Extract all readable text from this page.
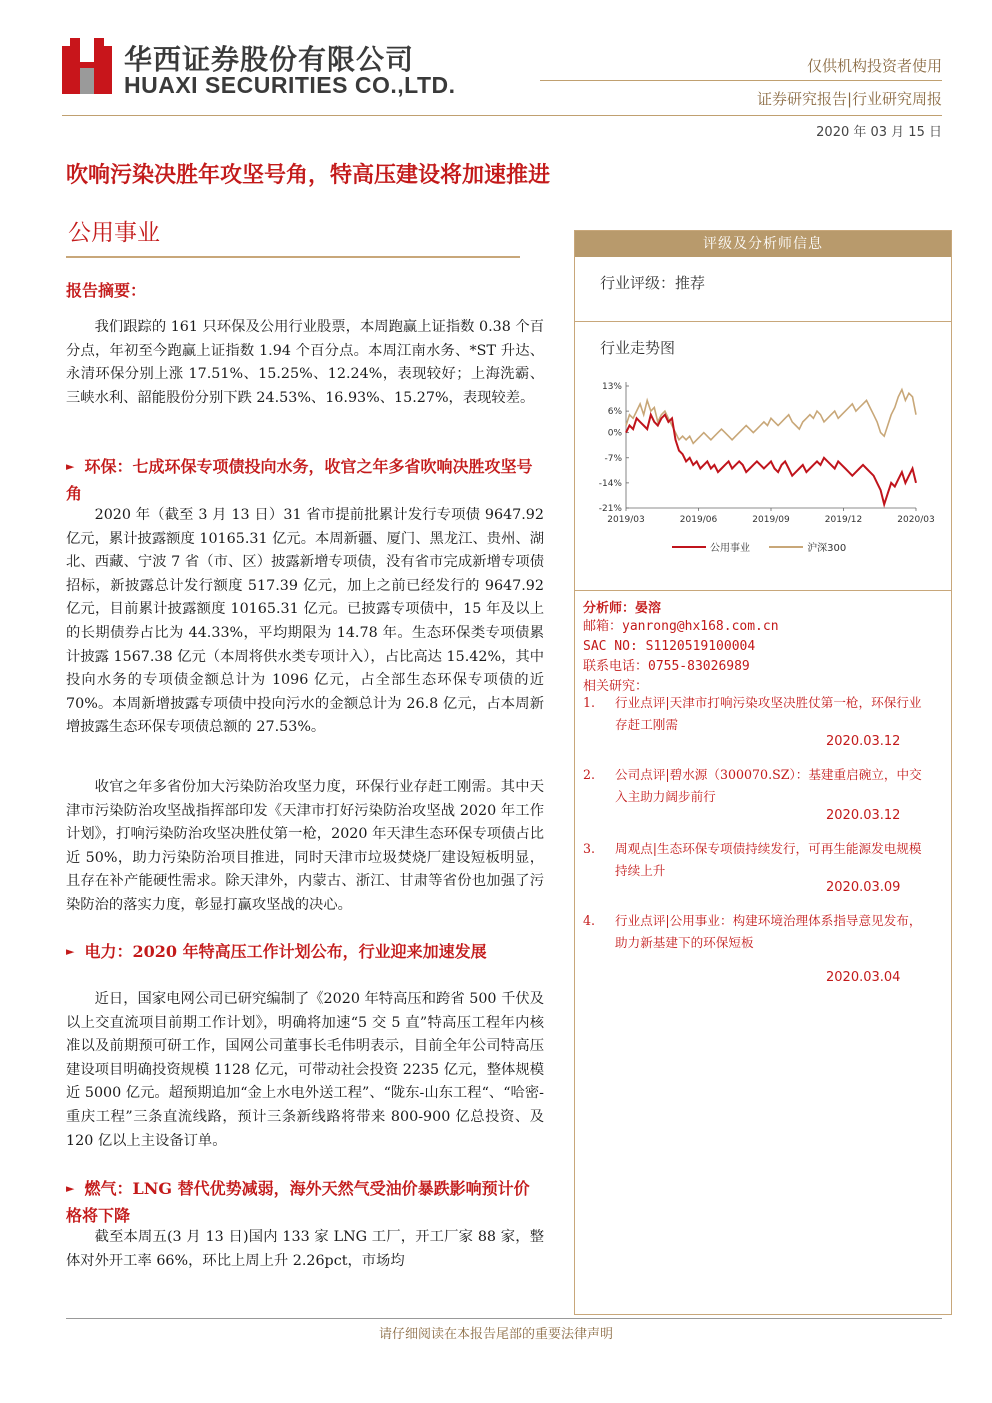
华西证券股份有限公司
HUAXI SECURITIES CO.,LTD.
仅供机构投资者使用
证券研究报告|行业研究周报
2020 年 03 月 15 日
吹响污染决胜年攻坚号角，特高压建设将加速推进
公用事业
报告摘要：
我们跟踪的 161 只环保及公用行业股票，本周跑赢上证指数 0.38 个百分点，年初至今跑赢上证指数 1.94 个百分点。本周江南水务、*ST 升达、永清环保分别上涨 17.51%、15.25%、12.24%，表现较好；上海洗霸、三峡水利、韶能股份分别下跌 24.53%、16.93%、15.27%，表现较差。
► 环保：七成环保专项债投向水务，收官之年多省吹响决胜攻坚号角
2020 年（截至 3 月 13 日）31 省市提前批累计发行专项债 9647.92 亿元，累计披露额度 10165.31 亿元。本周新疆、厦门、黑龙江、贵州、湖北、西藏、宁波 7 省（市、区）披露新增专项债，没有省市完成新增专项债招标，新披露总计发行额度 517.39 亿元，加上之前已经发行的 9647.92 亿元，目前累计披露额度 10165.31 亿元。已披露专项债中，15 年及以上的长期债券占比为 44.33%，平均期限为 14.78 年。生态环保类专项债累计披露 1567.38 亿元（本周将供水类专项计入），占比高达 15.42%，其中投向水务的专项债金额总计为 1096 亿元，占全部生态环保专项债的近 70%。本周新增披露专项债中投向污水的金额总计为 26.8 亿元，占本周新增披露生态环保专项债总额的 27.53%。
收官之年多省份加大污染防治攻坚力度，环保行业存赶工刚需。其中天津市污染防治攻坚战指挥部印发《天津市打好污染防治攻坚战 2020 年工作计划》，打响污染防治攻坚决胜仗第一枪，2020 年天津生态环保专项债占比近 50%，助力污染防治项目推进，同时天津市垃圾焚烧厂建设短板明显，且存在补产能硬性需求。除天津外，内蒙古、浙江、甘肃等省份也加强了污染防治的落实力度，彰显打赢攻坚战的决心。
► 电力：2020 年特高压工作计划公布，行业迎来加速发展
近日，国家电网公司已研究编制了《2020 年特高压和跨省 500 千伏及以上交直流项目前期工作计划》，明确将加速“5 交 5 直”特高压工程年内核准以及前期预可研工作，国网公司董事长毛伟明表示，目前全年公司特高压建设项目明确投资规模 1128 亿元，可带动社会投资 2235 亿元，整体规模近 5000 亿元。超预期追加“金上水电外送工程”、“陇东-山东工程“、“哈密-重庆工程”三条直流线路，预计三条新线路将带来 800-900 亿总投资、及 120 亿以上主设备订单。
► 燃气：LNG 替代优势减弱，海外天然气受油价暴跌影响预计价格将下降
截至本周五(3 月 13 日)国内 133 家 LNG 工厂，开工厂家 88 家，整体对外开工率 66%，环比上周上升 2.26pct，市场均
评级及分析师信息
行业评级：推荐
行业走势图
13%
6%
0%
-7%
-14%
-21%
2019/03	2019/06	2019/09	2019/12	2020/03
公用事业	沪深300
分析师：晏溶
邮箱：yanrong@hx168.com.cn
SAC NO: S1120519100004
联系电话：0755-83026989
相关研究：
1. 行业点评|天津市打响污染攻坚决胜仗第一枪，环保行业存赶工刚需
2020.03.12
2. 公司点评|碧水源（300070.SZ）：基建重启碗立，中交入主助力阔步前行
2020.03.12
3. 周观点|生态环保专项债持续发行，可再生能源发电规模持续上升
2020.03.09
4. 行业点评|公用事业：构建环境治理体系指导意见发布，助力新基建下的环保短板
2020.03.04
请仔细阅读在本报告尾部的重要法律声明
